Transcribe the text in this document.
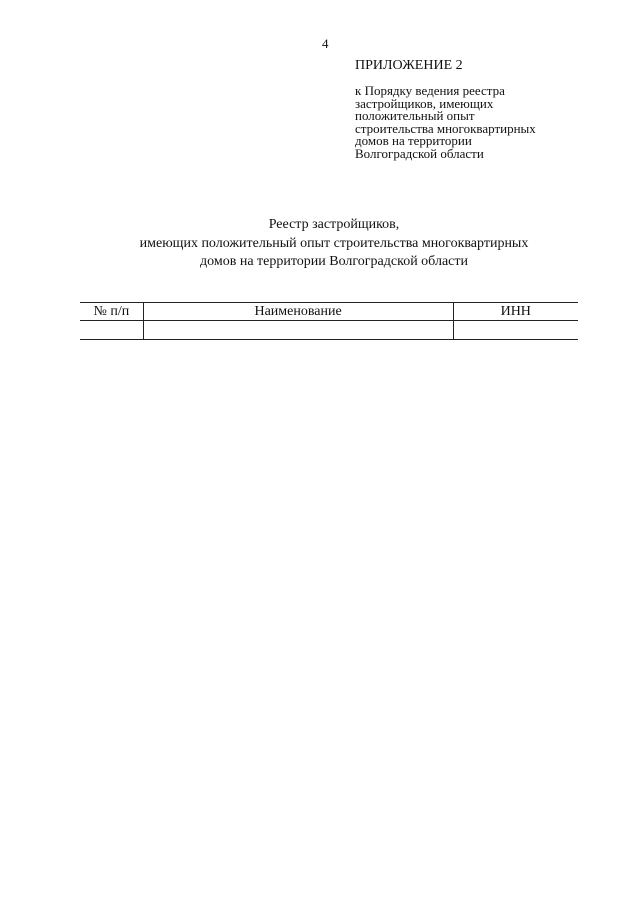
4

ПРИЛОЖЕНИЕ 2

к Порядку ведения реестра
застройщиков, имеющих
положительный опыт
строительства многоквартирных
домов на территории
Волгоградской области

Реестр застройщиков,
имеющих положительный опыт строительства многоквартирных
домов на территории Волгоградской области
№ п/п	Наименование	ИНН
